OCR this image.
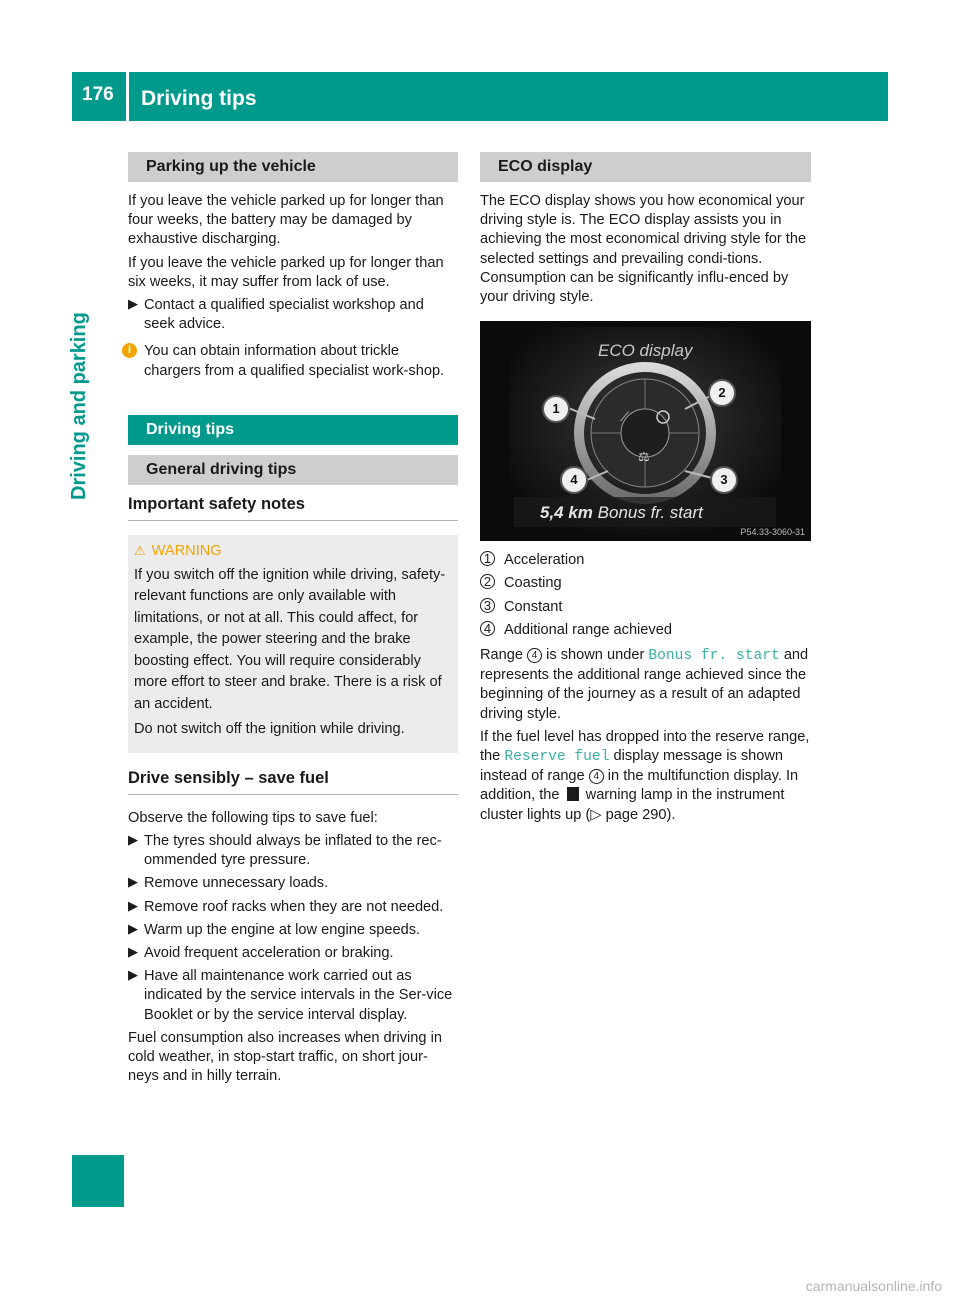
176	Driving tips
Driving and parking
Parking up the vehicle

If you leave the vehicle parked up for longer than four weeks, the battery may be damaged by exhaustive discharging.

If you leave the vehicle parked up for longer than six weeks, it may suffer from lack of use.

▶ Contact a qualified specialist workshop and seek advice.

i You can obtain information about trickle chargers from a qualified specialist work-shop.

Driving tips
General driving tips
Important safety notes
⚠ WARNING

If you switch off the ignition while driving, safety-relevant functions are only available with limitations, or not at all. This could affect, for example, the power steering and the brake boosting effect. You will require considerably more effort to steer and brake. There is a risk of an accident.

Do not switch off the ignition while driving.

Drive sensibly – save fuel

Observe the following tips to save fuel:

▶ The tyres should always be inflated to the rec-ommended tyre pressure.

▶ Remove unnecessary loads.

▶ Remove roof racks when they are not needed.

▶ Warm up the engine at low engine speeds.

▶ Avoid frequent acceleration or braking.

▶ Have all maintenance work carried out as indicated by the service intervals in the Ser-vice Booklet or by the service interval display.

Fuel consumption also increases when driving in cold weather, in stop-start traffic, on short jour-neys and in hilly terrain.

ECO display

The ECO display shows you how economical your driving style is. The ECO display assists you in achieving the most economical driving style for the selected settings and prevailing condi-tions. Consumption can be significantly influ-enced by your driving style.

⟋
⚖
ECO display
1
2
3
4
5,4 km Bonus fr. start
P54.33-3060-31
1 Acceleration

2 Coasting

3 Constant

4 Additional range achieved

Range 4 is shown under Bonus fr. start and represents the additional range achieved since the beginning of the journey as a result of an adapted driving style.

If the fuel level has dropped into the reserve range, the Reserve fuel display message is shown instead of range 4 in the multifunction display. In addition, the warning lamp in the instrument cluster lights up (▷ page 290).

carmanualsonline.info
